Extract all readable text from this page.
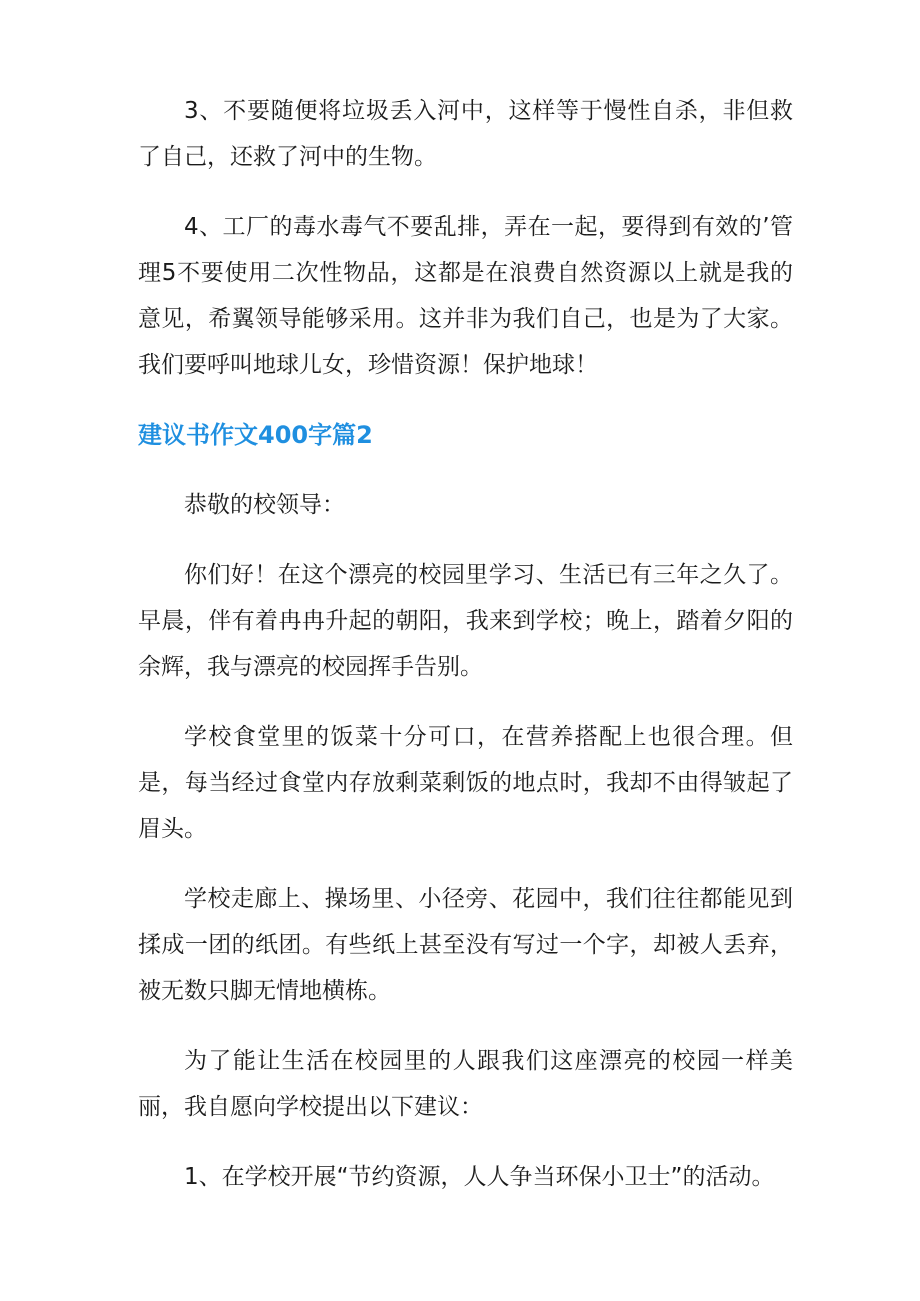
3、不要随便将垃圾丢入河中，这样等于慢性自杀，非但救了自己，还救了河中的生物。

4、工厂的毒水毒气不要乱排，弄在一起，要得到有效的’管理5不要使用二次性物品，这都是在浪费自然资源以上就是我的意见，希翼领导能够采用。这并非为我们自己，也是为了大家。我们要呼叫地球儿女，珍惜资源！保护地球！

建议书作文400字篇2

恭敬的校领导：

你们好！在这个漂亮的校园里学习、生活已有三年之久了。早晨，伴有着冉冉升起的朝阳，我来到学校；晚上，踏着夕阳的余辉，我与漂亮的校园挥手告别。

学校食堂里的饭菜十分可口，在营养搭配上也很合理。但是，每当经过食堂内存放剩菜剩饭的地点时，我却不由得皱起了眉头。

学校走廊上、操场里、小径旁、花园中，我们往往都能见到揉成一团的纸团。有些纸上甚至没有写过一个字，却被人丢弃，被无数只脚无情地横栋。

为了能让生活在校园里的人跟我们这座漂亮的校园一样美丽，我自愿向学校提出以下建议：

1、在学校开展“节约资源，人人争当环保小卫士”的活动。
